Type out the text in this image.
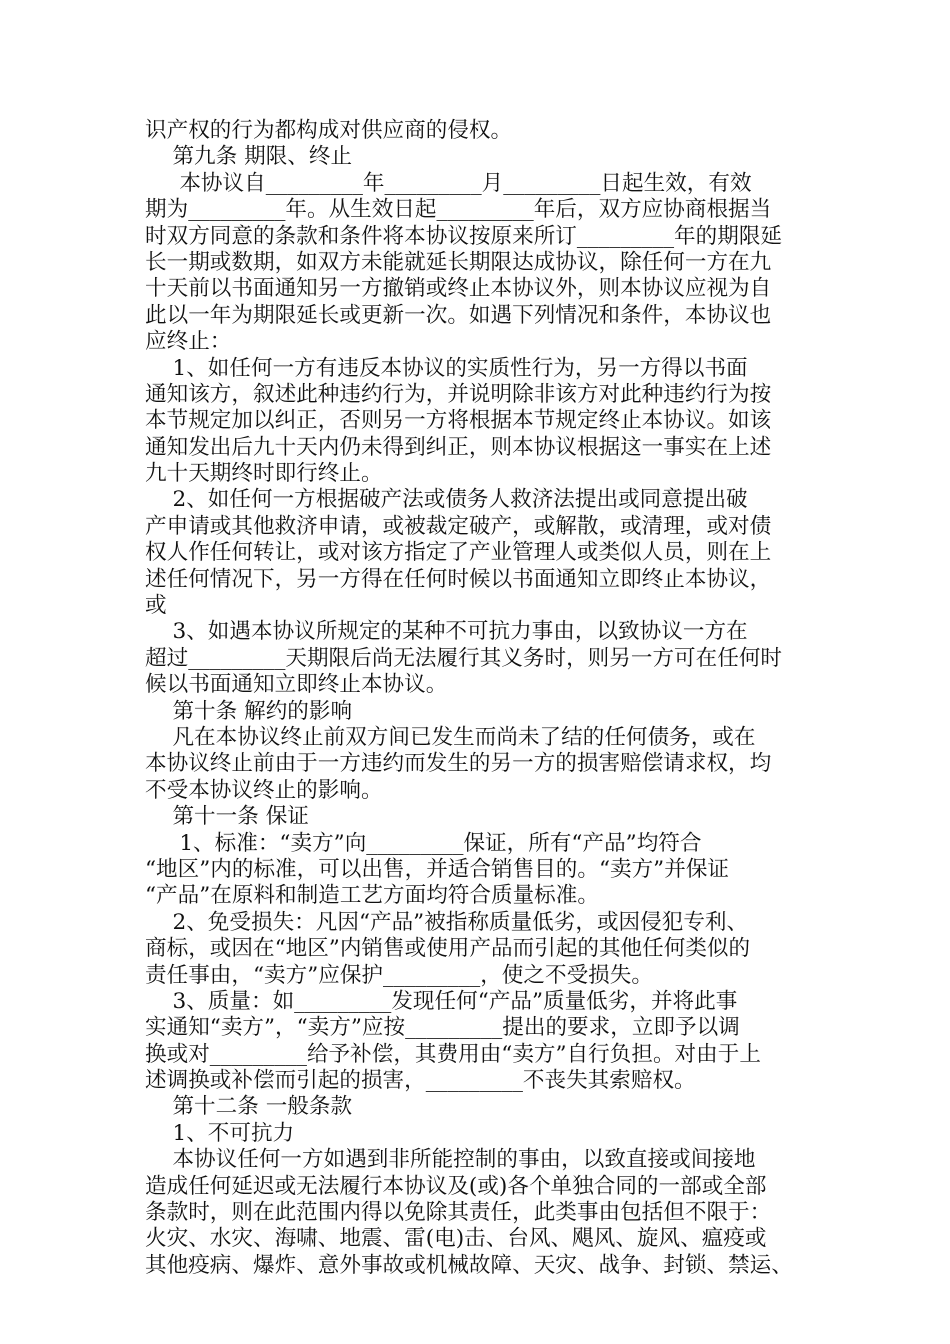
识产权的行为都构成对供应商的侵权。
第九条 期限、终止
本协议自_________年_________月_________日起生效，有效
期为_________年。从生效日起_________年后，双方应协商根据当
时双方同意的条款和条件将本协议按原来所订_________年的期限延
长一期或数期，如双方未能就延长期限达成协议，除任何一方在九
十天前以书面通知另一方撤销或终止本协议外，则本协议应视为自
此以一年为期限延长或更新一次。如遇下列情况和条件，本协议也
应终止：
1、如任何一方有违反本协议的实质性行为，另一方得以书面
通知该方，叙述此种违约行为，并说明除非该方对此种违约行为按
本节规定加以纠正，否则另一方将根据本节规定终止本协议。如该
通知发出后九十天内仍未得到纠正，则本协议根据这一事实在上述
九十天期终时即行终止。
2、如任何一方根据破产法或债务人救济法提出或同意提出破
产申请或其他救济申请，或被裁定破产，或解散，或清理，或对债
权人作任何转让，或对该方指定了产业管理人或类似人员，则在上
述任何情况下，另一方得在任何时候以书面通知立即终止本协议，
或
3、如遇本协议所规定的某种不可抗力事由，以致协议一方在
超过_________天期限后尚无法履行其义务时，则另一方可在任何时
候以书面通知立即终止本协议。
第十条 解约的影响
凡在本协议终止前双方间已发生而尚未了结的任何债务，或在
本协议终止前由于一方违约而发生的另一方的损害赔偿请求权，均
不受本协议终止的影响。
第十一条 保证
1、标准：“卖方”向_________保证，所有“产品”均符合
“地区”内的标准，可以出售，并适合销售目的。“卖方”并保证
“产品”在原料和制造工艺方面均符合质量标准。
2、免受损失：凡因“产品”被指称质量低劣，或因侵犯专利、
商标，或因在“地区”内销售或使用产品而引起的其他任何类似的
责任事由，“卖方”应保护_________，使之不受损失。
3、质量：如_________发现任何“产品”质量低劣，并将此事
实通知“卖方”，“卖方”应按_________提出的要求，立即予以调
换或对_________给予补偿，其费用由“卖方”自行负担。对由于上
述调换或补偿而引起的损害，_________不丧失其索赔权。
第十二条 一般条款
1、不可抗力
本协议任何一方如遇到非所能控制的事由，以致直接或间接地
造成任何延迟或无法履行本协议及(或)各个单独合同的一部或全部
条款时，则在此范围内得以免除其责任，此类事由包括但不限于：
火灾、水灾、海啸、地震、雷(电)击、台风、飓风、旋风、瘟疫或
其他疫病、爆炸、意外事故或机械故障、天灾、战争、封锁、禁运、
